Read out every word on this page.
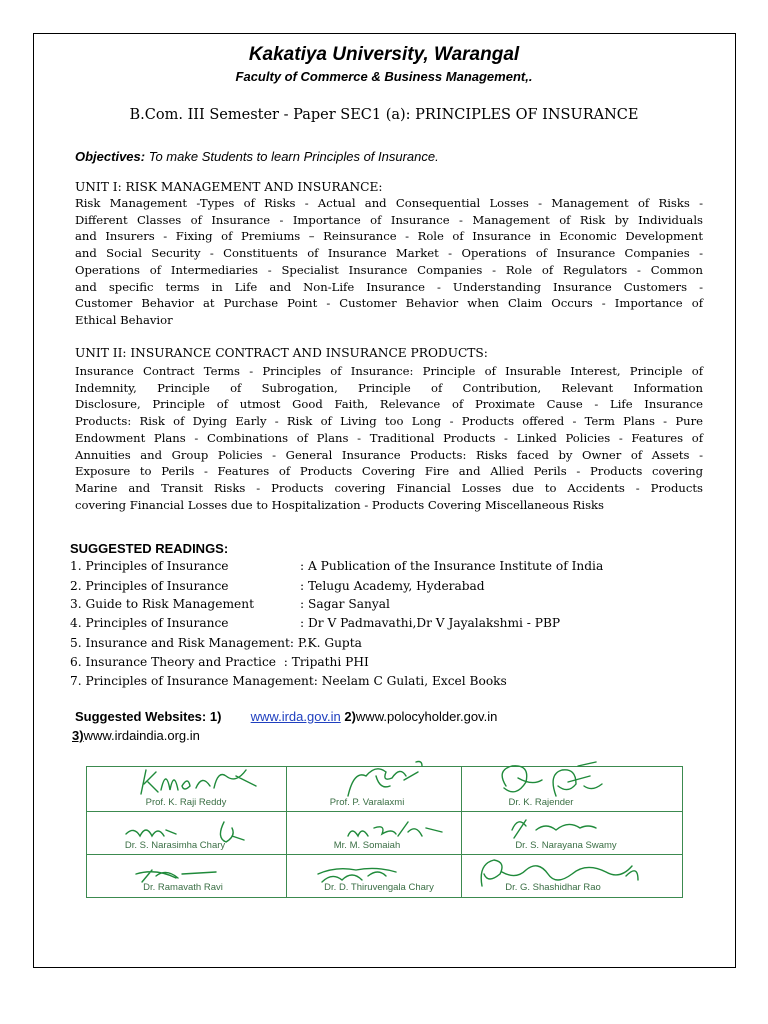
Kakatiya University, Warangal
Faculty of Commerce & Business Management,.
B.Com. III Semester - Paper SEC1 (a): PRINCIPLES OF INSURANCE
Objectives: To make Students to learn Principles of Insurance.
UNIT I: RISK MANAGEMENT AND INSURANCE:
Risk Management -Types of Risks - Actual and Consequential Losses - Management of Risks -
Different Classes of Insurance - Importance of Insurance - Management of Risk by Individuals
and Insurers - Fixing of Premiums – Reinsurance - Role of Insurance in Economic Development
and Social Security - Constituents of Insurance Market - Operations of Insurance Companies -
Operations of Intermediaries - Specialist Insurance Companies - Role of Regulators - Common
and specific terms in Life and Non-Life Insurance - Understanding Insurance Customers -
Customer Behavior at Purchase Point - Customer Behavior when Claim Occurs - Importance of
Ethical Behavior
UNIT II: INSURANCE CONTRACT AND INSURANCE PRODUCTS:
Insurance Contract Terms - Principles of Insurance: Principle of Insurable Interest, Principle of
Indemnity, Principle of Subrogation, Principle of Contribution, Relevant Information
Disclosure, Principle of utmost Good Faith, Relevance of Proximate Cause - Life Insurance
Products: Risk of Dying Early - Risk of Living too Long - Products offered - Term Plans - Pure
Endowment Plans - Combinations of Plans - Traditional Products - Linked Policies - Features of
Annuities and Group Policies - General Insurance Products: Risks faced by Owner of Assets -
Exposure to Perils - Features of Products Covering Fire and Allied Perils - Products covering
Marine and Transit Risks - Products covering Financial Losses due to Accidents - Products
covering Financial Losses due to Hospitalization - Products Covering Miscellaneous Risks
SUGGESTED READINGS:
1. Principles of Insurance	: A Publication of the Insurance Institute of India
2. Principles of Insurance	: Telugu Academy, Hyderabad
3. Guide to Risk Management	: Sagar Sanyal
4. Principles of Insurance	: Dr V Padmavathi,Dr V Jayalakshmi - PBP
5. Insurance and Risk Management: P.K. Gupta
6. Insurance Theory and Practice  : Tripathi PHI
7. Principles of Insurance Management: Neelam C Gulati, Excel Books
Suggested Websites: 1) www.irda.gov.in 2)www.polocyholder.gov.in
3)www.irdaindia.org.in
Prof. K. Raji Reddy	Prof. P. Varalaxmi	Dr. K. Rajender
Dr. S. Narasimha Chary	Mr. M. Somaiah	Dr. S. Narayana Swamy
Dr. Ramavath Ravi	Dr. D. Thiruvengala Chary	Dr. G. Shashidhar Rao
